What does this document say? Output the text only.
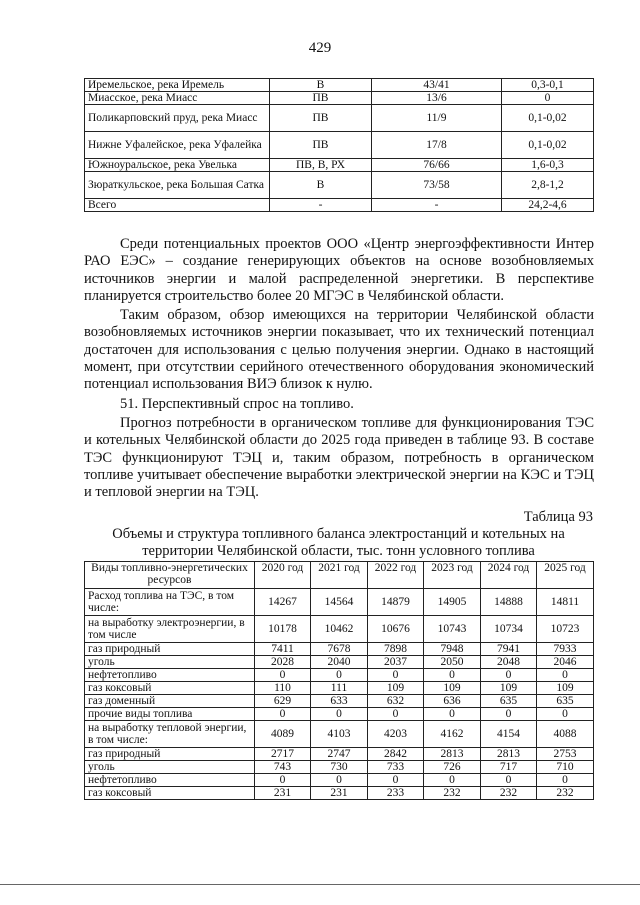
429
Иремельское, река Иремель	В	43/41	0,3-0,1
Миасское, река Миасс	ПВ	13/6	0
Поликарповский пруд, река Миасс	ПВ	11/9	0,1-0,02
Нижне Уфалейское, река Уфалейка	ПВ	17/8	0,1-0,02
Южноуральское, река Увелька	ПВ, В, РХ	76/66	1,6-0,3
Зюраткульское, река Большая Сатка	В	73/58	2,8-1,2
Всего	-	-	24,2-4,6

Среди потенциальных проектов ООО «Центр энергоэффективности Интер РАО ЕЭС» – создание генерирующих объектов на основе возобновляемых источников энергии и малой распределенной энергетики. В перспективе планируется строительство более 20 МГЭС в Челябинской области.

Таким образом, обзор имеющихся на территории Челябинской области возобновляемых источников энергии показывает, что их технический потенциал достаточен для использования с целью получения энергии. Однако в настоящий момент, при отсутствии серийного отечественного оборудования экономический потенциал использования ВИЭ близок к нулю.

51. Перспективный спрос на топливо.

Прогноз потребности в органическом топливе для функционирования ТЭС и котельных Челябинской области до 2025 года приведен в таблице 93. В составе ТЭС функционируют ТЭЦ и, таким образом, потребность в органическом топливе учитывает обеспечение выработки электрической энергии на КЭС и ТЭЦ и тепловой энергии на ТЭЦ.

Таблица 93
Объемы и структура топливного баланса электростанций и котельных на территории Челябинской области, тыс. тонн условного топлива
Виды топливно-энергетических ресурсов	2020 год	2021 год	2022 год	2023 год	2024 год	2025 год
Расход топлива на ТЭС, в том числе:	14267	14564	14879	14905	14888	14811
на выработку электроэнергии, в том числе	10178	10462	10676	10743	10734	10723
газ природный	7411	7678	7898	7948	7941	7933
уголь	2028	2040	2037	2050	2048	2046
нефтетопливо	0	0	0	0	0	0
газ коксовый	110	111	109	109	109	109
газ доменный	629	633	632	636	635	635
прочие виды топлива	0	0	0	0	0	0
на выработку тепловой энергии, в том числе:	4089	4103	4203	4162	4154	4088
газ природный	2717	2747	2842	2813	2813	2753
уголь	743	730	733	726	717	710
нефтетопливо	0	0	0	0	0	0
газ коксовый	231	231	233	232	232	232
